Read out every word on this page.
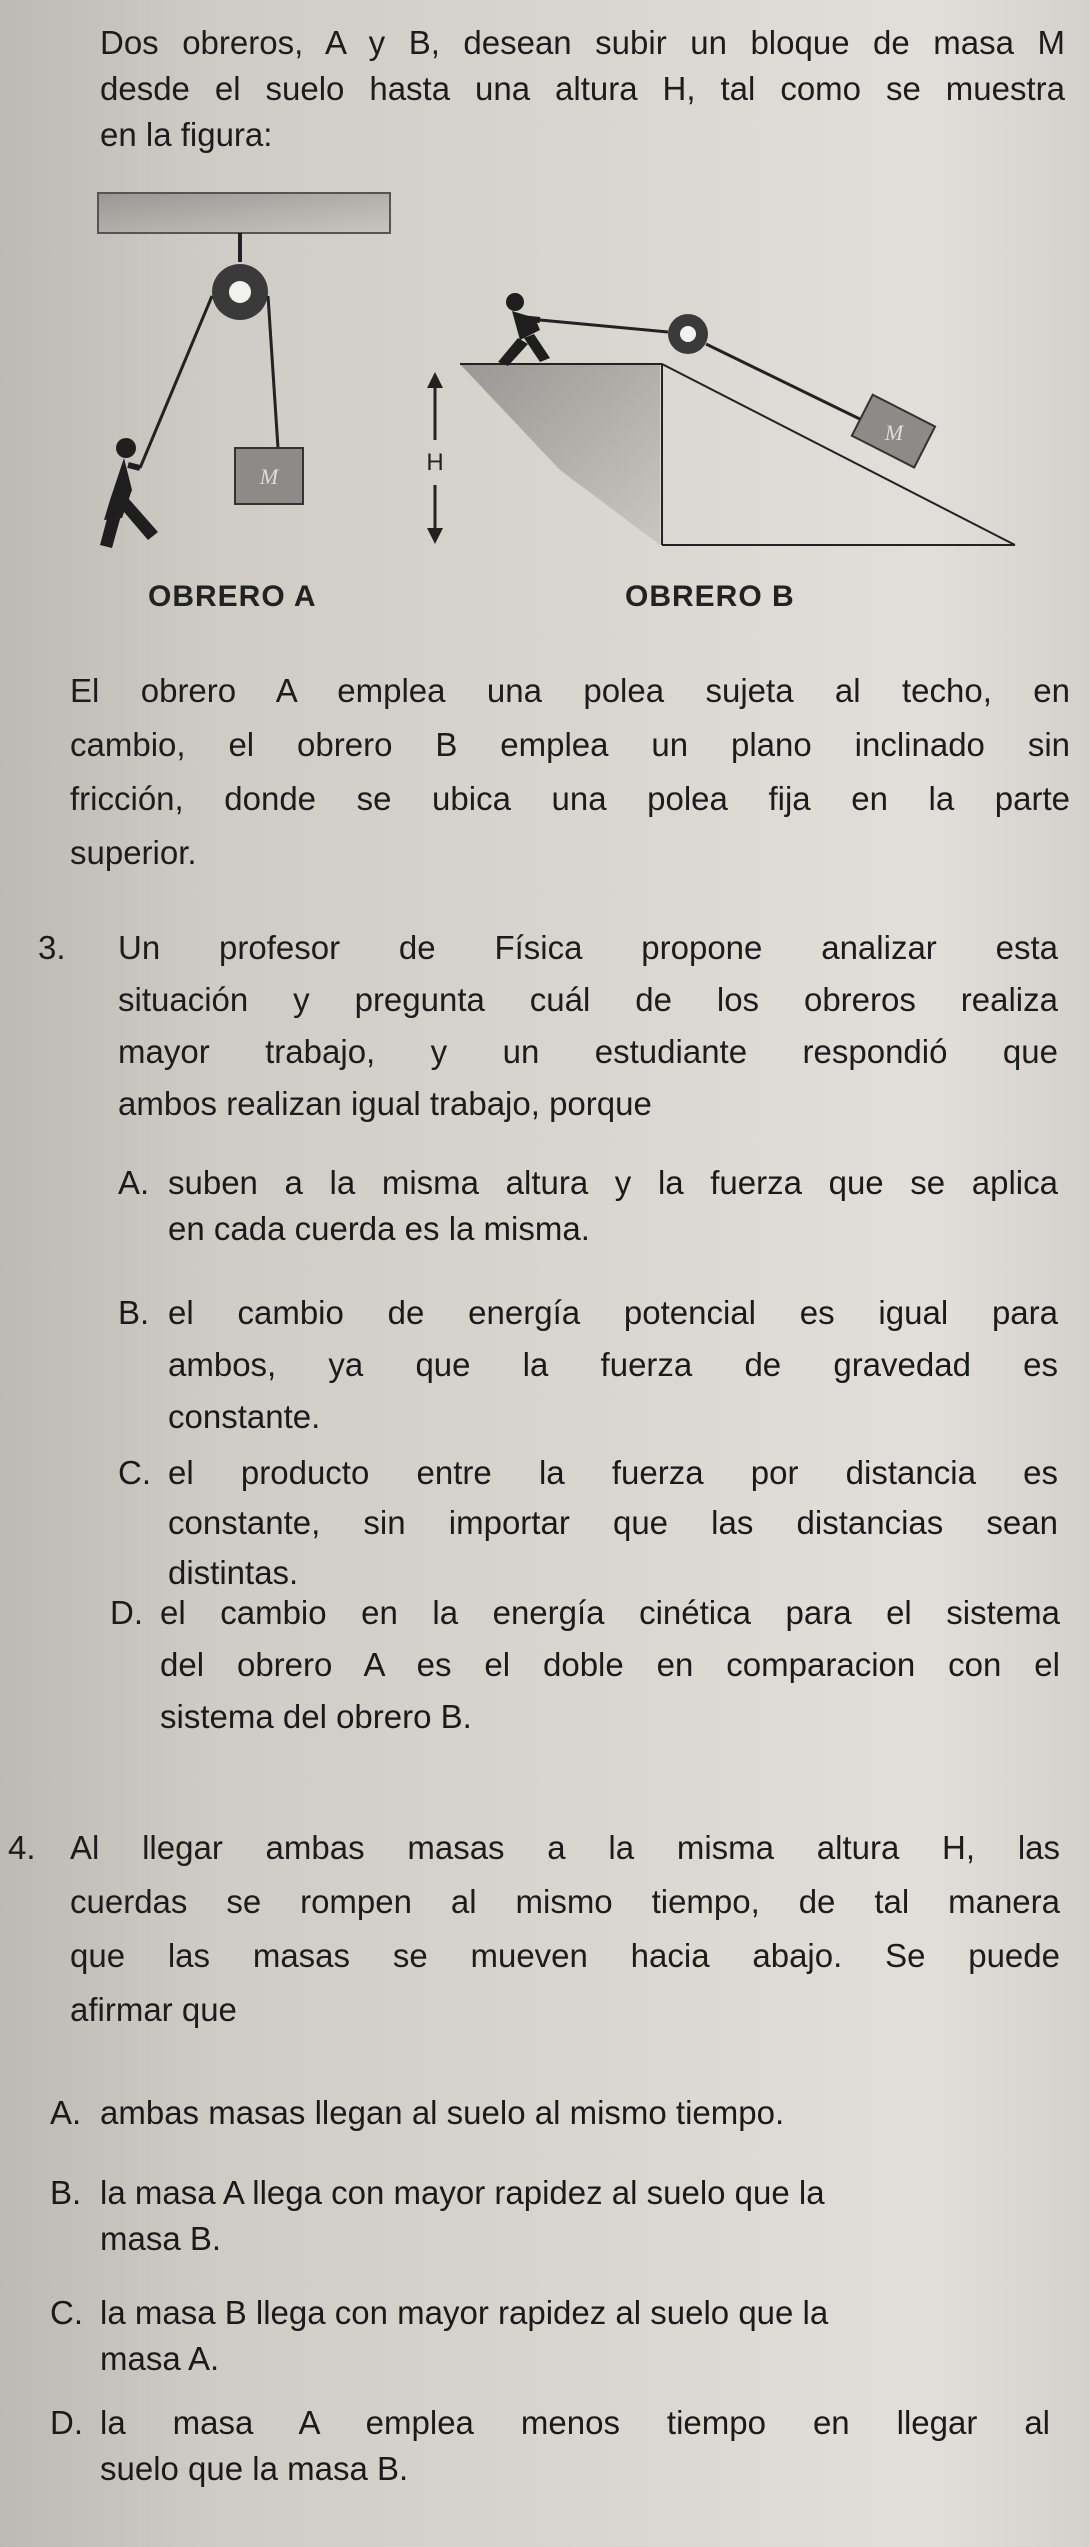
Dos obreros, A y B, desean subir un bloque de masa M
desde el suelo hasta una altura H, tal como se muestra
en la figura:
M
H
M
OBRERO A	OBRERO B
El obrero A emplea una polea sujeta al techo, en
cambio, el obrero B emplea un plano inclinado sin
fricción, donde se ubica una polea fija en la parte
superior.
3. Un profesor de Física propone analizar esta
situación y pregunta cuál de los obreros realiza
mayor trabajo, y un estudiante respondió que
ambos realizan igual trabajo, porque
A. suben a la misma altura y la fuerza que se aplica
en cada cuerda es la misma.
B. el cambio de energía potencial es igual para
ambos, ya que la fuerza de gravedad es
constante.
C. el producto entre la fuerza por distancia es
constante, sin importar que las distancias sean
distintas.
D. el cambio en la energía cinética para el sistema
del obrero A es el doble en comparacion con el
sistema del obrero B.
4. Al llegar ambas masas a la misma altura H, las
cuerdas se rompen al mismo tiempo, de tal manera
que las masas se mueven hacia abajo. Se puede
afirmar que
A. ambas masas llegan al suelo al mismo tiempo.
B. la masa A llega con mayor rapidez al suelo que la
masa B.
C. la masa B llega con mayor rapidez al suelo que la
masa A.
D. la masa A emplea menos tiempo en llegar al
suelo que la masa B.
